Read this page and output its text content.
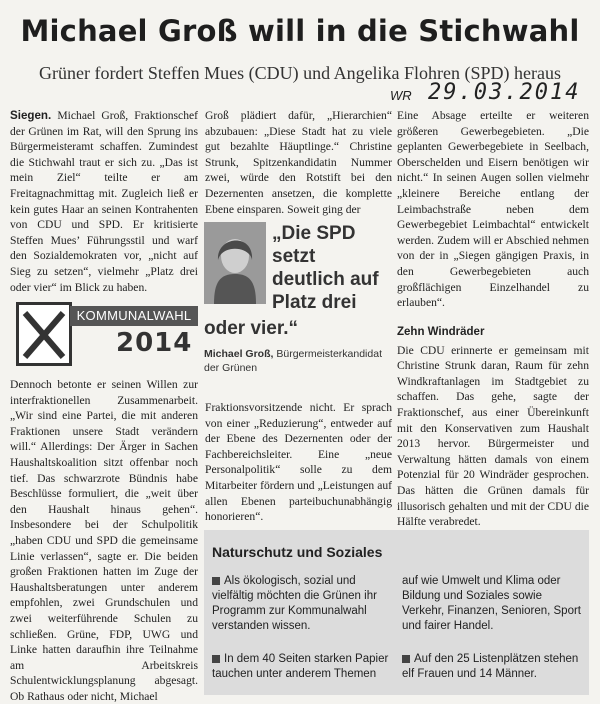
Michael Groß will in die Stichwahl
Grüner fordert Steffen Mues (CDU) und Angelika Flohren (SPD) heraus
WR 29.03.2014

Siegen. Michael Groß, Fraktionschef der Grünen im Rat, will den Sprung ins Bürgermeisteramt schaffen. Zumindest die Stichwahl traut er sich zu. „Das ist mein Ziel“ teilte er am Freitagnachmittag mit. Zugleich ließ er kein gutes Haar an seinen Kontrahenten von CDU und SPD. Er kritisierte Steffen Mues’ Führungsstil und warf den Sozialdemokraten vor, „nicht auf Sieg zu setzen“, vielmehr „Platz drei oder vier“ im Blick zu haben.

KOMMUNALWAHL
2014

Dennoch betonte er seinen Willen zur interfraktionellen Zusammenarbeit. „Wir sind eine Partei, die mit anderen Fraktionen unsere Stadt verändern will.“ Allerdings: Der Ärger in Sachen Haushaltskoalition sitzt offenbar noch tief. Das schwarzrote Bündnis habe Beschlüsse formuliert, die „weit über den Haushalt hinaus gehen“. Insbesondere bei der Schulpolitik „haben CDU und SPD die gemeinsame Linie verlassen“, sagte er. Die beiden großen Fraktionen hatten im Zuge der Haushaltsberatungen unter anderem empfohlen, zwei Grundschulen und zwei weiterführende Schulen zu schließen. Grüne, FDP, UWG und Linke hatten daraufhin ihre Teilnahme am Arbeitskreis Schulentwicklungsplanung abgesagt. Ob Rathaus oder nicht, Michael

Groß plädiert dafür, „Hierarchien“ abzubauen: „Diese Stadt hat zu viele gut bezahlte Häuptlinge.“ Christine Strunk, Spitzenkandidatin Nummer zwei, würde den Rotstift bei den Dezernenten ansetzen, die komplette Ebene einsparen. Soweit ging der

„Die SPD setzt deutlich auf Platz drei
oder vier.“
Michael Groß, Bürgermeisterkandidat der Grünen

Fraktionsvorsitzende nicht. Er sprach von einer „Reduzierung“, entweder auf der Ebene des Dezernenten oder der Fachbereichsleiter. Eine „neue Personalpolitik“ solle zu dem Mitarbeiter fördern und „Leistungen auf allen Ebenen parteibuchunabhängig honorieren“.

Eine Absage erteilte er weiteren größeren Gewerbegebieten. „Die geplanten Gewerbegebiete in Seelbach, Oberschelden und Eisern benötigen wir nicht.“ In seinen Augen sollen vielmehr „kleinere Bereiche entlang der Leimbachstraße neben dem Gewerbegebiet Leimbachtal“ entwickelt werden. Zudem will er Abschied nehmen von der in „Siegen gängigen Praxis, in den Gewerbegebieten auch großflächigen Einzelhandel zu erlauben“.

Zehn Windräder

Die CDU erinnerte er gemeinsam mit Christine Strunk daran, Raum für zehn Windkraftanlagen im Stadtgebiet zu schaffen. Das gehe, sagte der Fraktionschef, aus einer Übereinkunft mit den Konservativen zum Haushalt 2013 hervor. Bürgermeister und Verwaltung hätten damals von einem Potenzial für 20 Windräder gesprochen. Das hätten die Grünen damals für illusorisch gehalten und mit der CDU die Hälfte verabredet.

Naturschutz und Soziales
Als ökologisch, sozial und vielfältig möchten die Grünen ihr Programm zur Kommunalwahl verstanden wissen.
auf wie Umwelt und Klima oder Bildung und Soziales sowie Verkehr, Finanzen, Senioren, Sport und fairer Handel.
In dem 40 Seiten starken Papier tauchen unter anderem Themen
Auf den 25 Listenplätzen stehen elf Frauen und 14 Männer.
